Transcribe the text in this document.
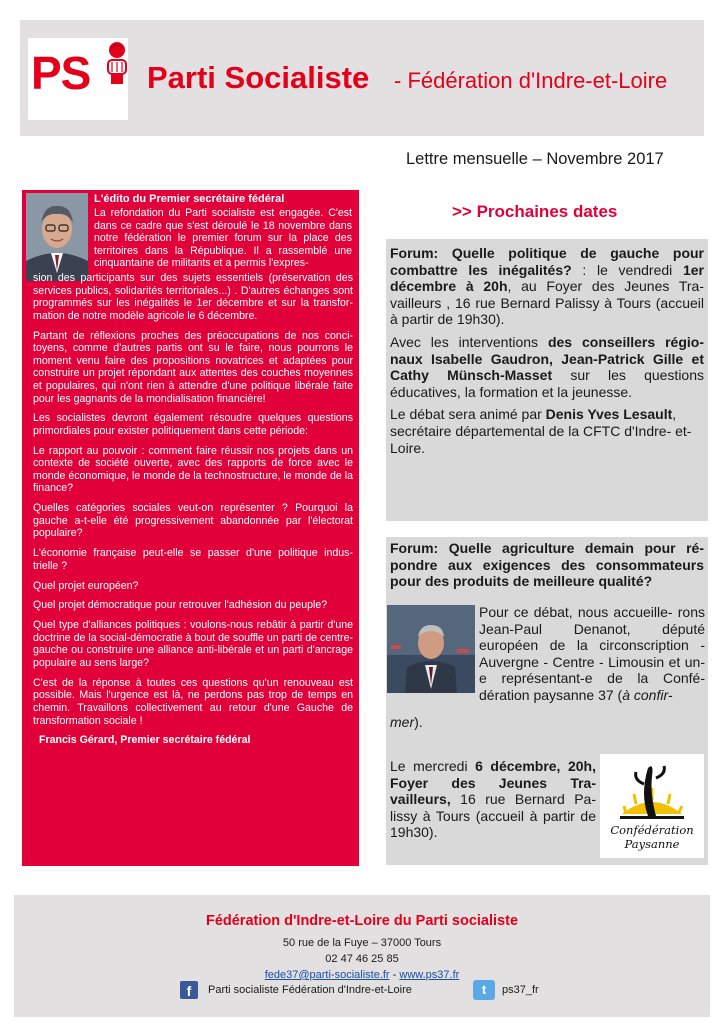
PS Parti Socialiste - Fédération d'Indre-et-Loire
Lettre mensuelle – Novembre 2017
L'édito du Premier secrétaire fédéral

La refondation du Parti socialiste est engagée. C'est dans ce cadre que s'est déroulé le 18 novembre dans notre fédération le premier forum sur la place des territoires dans la République. Il a rassemblé une cinquantaine de militants et a permis l'expres-

sion des participants sur des sujets essentiels (préservation des services publics, solidarités territoriales...) . D'autres échanges sont programmés sur les inégalités le 1er décembre et sur la transfor- mation de notre modèle agricole le 6 décembre.

Partant de réflexions proches des préoccupations de nos conci- toyens, comme d'autres partis ont su le faire, nous pourrons le moment venu faire des propositions novatrices et adaptées pour construire un projet répondant aux attentes des couches moyennes et populaires, qui n'ont rien à attendre d'une politique libérale faite pour les gagnants de la mondialisation financière!

Les socialistes devront également résoudre quelques questions primordiales pour exister politiquement dans cette période:

Le rapport au pouvoir : comment faire réussir nos projets dans un contexte de société ouverte, avec des rapports de force avec le monde économique, le monde de la technostructure, le monde de la finance?

Quelles catégories sociales veut-on représenter ? Pourquoi la gauche a-t-elle été progressivement abandonnée par l'électorat populaire?

L'économie française peut-elle se passer d'une politique indus- trielle ?

Quel projet européen?

Quel projet démocratique pour retrouver l'adhésion du peuple?

Quel type d'alliances politiques : voulons-nous rebâtir à partir d'une doctrine de la social-démocratie à bout de souffle un parti de centre-gauche ou construire une alliance anti-libérale et un parti d'ancrage populaire au sens large?

C'est de la réponse à toutes ces questions qu'un renouveau est possible. Mais l'urgence est là, ne perdons pas trop de temps en chemin. Travaillons collectivement au retour d'une Gauche de transformation sociale !

Francis Gérard, Premier secrétaire fédéral

>> Prochaines dates

Forum: Quelle politique de gauche pour combattre les inégalités? : le vendredi 1er décembre à 20h, au Foyer des Jeunes Tra- vailleurs , 16 rue Bernard Palissy à Tours (accueil à partir de 19h30).

Avec les interventions des conseillers régio- naux Isabelle Gaudron, Jean-Patrick Gille et Cathy Münsch-Masset sur les questions éducatives, la formation et la jeunesse.

Le débat sera animé par Denis Yves Lesault, secrétaire départemental de la CFTC d'Indre- et-Loire.

Forum: Quelle agriculture demain pour ré- pondre aux exigences des consommateurs pour des produits de meilleure qualité?

Pour ce débat, nous accueille- rons Jean-Paul Denanot, député européen de la circonscription - Auvergne - Centre - Limousin et un-e représentant-e de la Confé- dération paysanne 37 (à confir-

mer).

Le mercredi 6 décembre, 20h, Foyer des Jeunes Tra- vailleurs, 16 rue Bernard Pa- lissy à Tours (accueil à partir de 19h30).	Confédération
Paysanne
Fédération d'Indre-et-Loire du Parti socialiste
50 rue de la Fuye – 37000 Tours
02 47 46 25 85
fede37@parti-socialiste.fr - www.ps37.fr
f	Parti socialiste Fédération d'Indre-et-Loire	t	ps37_fr
